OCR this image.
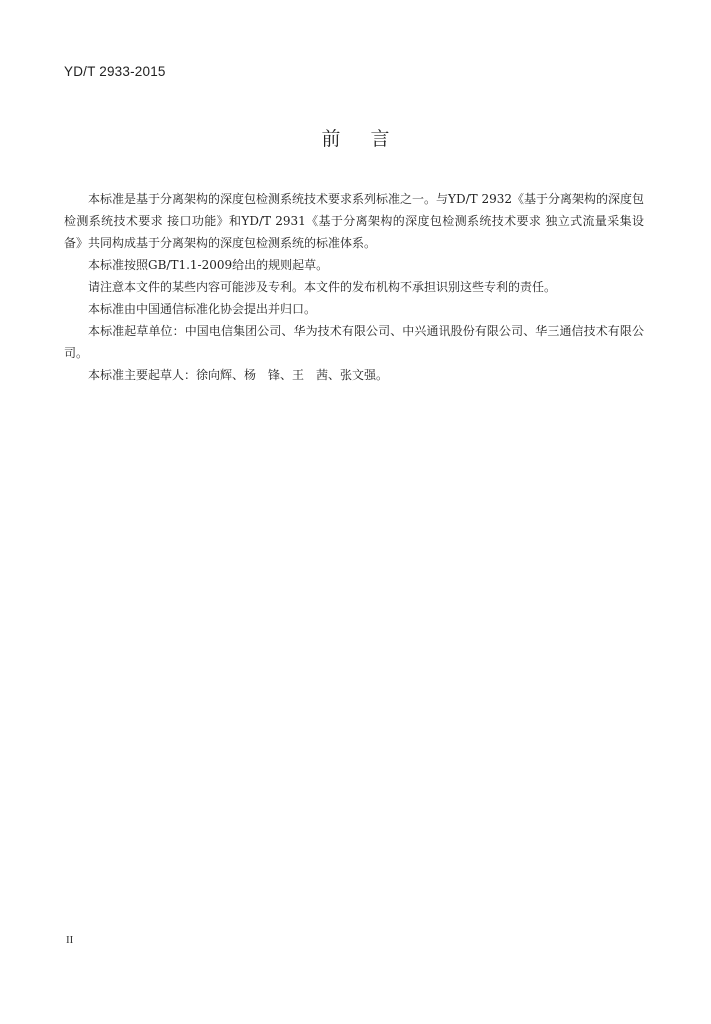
YD/T 2933-2015
前言

本标准是基于分离架构的深度包检测系统技术要求系列标准之一。与YD/T 2932《基于分离架构的深度包检测系统技术要求 接口功能》和YD/T 2931《基于分离架构的深度包检测系统技术要求 独立式流量采集设备》共同构成基于分离架构的深度包检测系统的标准体系。

本标准按照GB/T1.1-2009给出的规则起草。

请注意本文件的某些内容可能涉及专利。本文件的发布机构不承担识别这些专利的责任。

本标准由中国通信标准化协会提出并归口。

本标准起草单位：中国电信集团公司、华为技术有限公司、中兴通讯股份有限公司、华三通信技术有限公司。

本标准主要起草人：徐向辉、杨　锋、王　茜、张文强。

II
